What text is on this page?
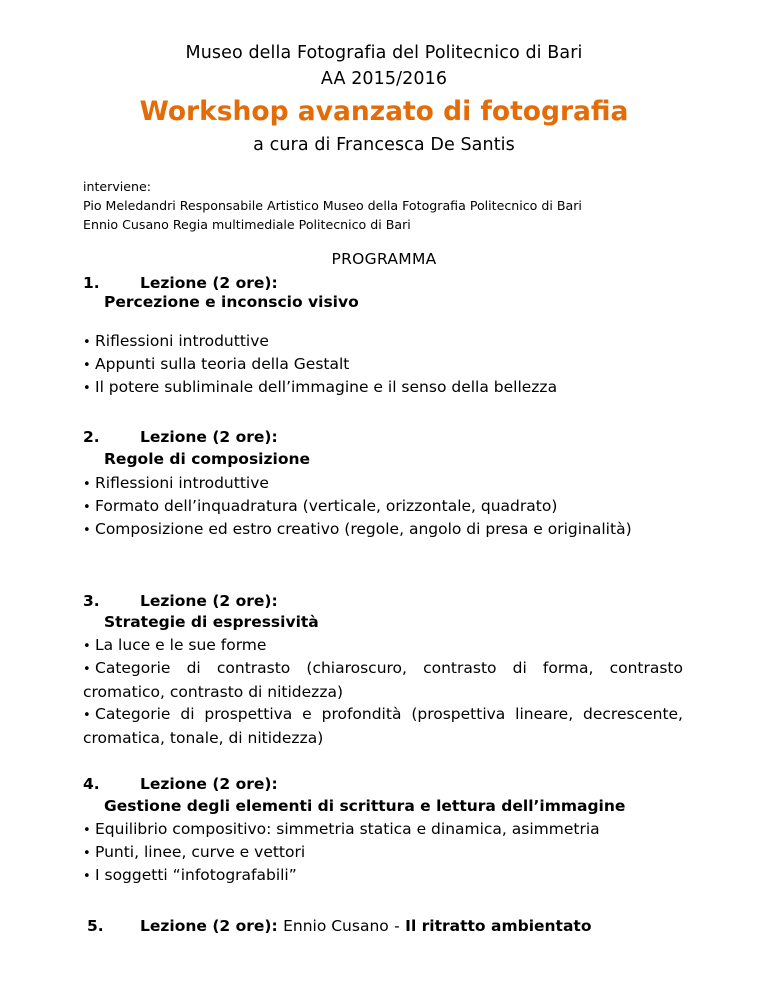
Museo della Fotografia del Politecnico di Bari
AA 2015/2016
Workshop avanzato di fotografia
a cura di Francesca De Santis
interviene:
Pio Meledandri Responsabile Artistico Museo della Fotografia Politecnico di Bari
Ennio Cusano Regia multimediale Politecnico di Bari
PROGRAMMA
1.	Lezione (2 ore):
Percezione e inconscio visivo
• Riflessioni introduttive
• Appunti sulla teoria della Gestalt
• Il potere subliminale dell’immagine e il senso della bellezza
2.	Lezione (2 ore):
Regole di composizione
• Riflessioni introduttive
• Formato dell’inquadratura (verticale, orizzontale, quadrato)
• Composizione ed estro creativo (regole, angolo di presa e originalità)
3.	Lezione (2 ore):
Strategie di espressività
• La luce e le sue forme
• Categorie di contrasto (chiaroscuro, contrasto di forma, contrasto cromatico, contrasto di nitidezza)
• Categorie di prospettiva e profondità (prospettiva lineare, decrescente, cromatica, tonale, di nitidezza)
4.	Lezione (2 ore):
Gestione degli elementi di scrittura e lettura dell’immagine
• Equilibrio compositivo: simmetria statica e dinamica, asimmetria
• Punti, linee, curve e vettori
• I soggetti “infotografabili”
5. Lezione (2 ore): Ennio Cusano - Il ritratto ambientato
